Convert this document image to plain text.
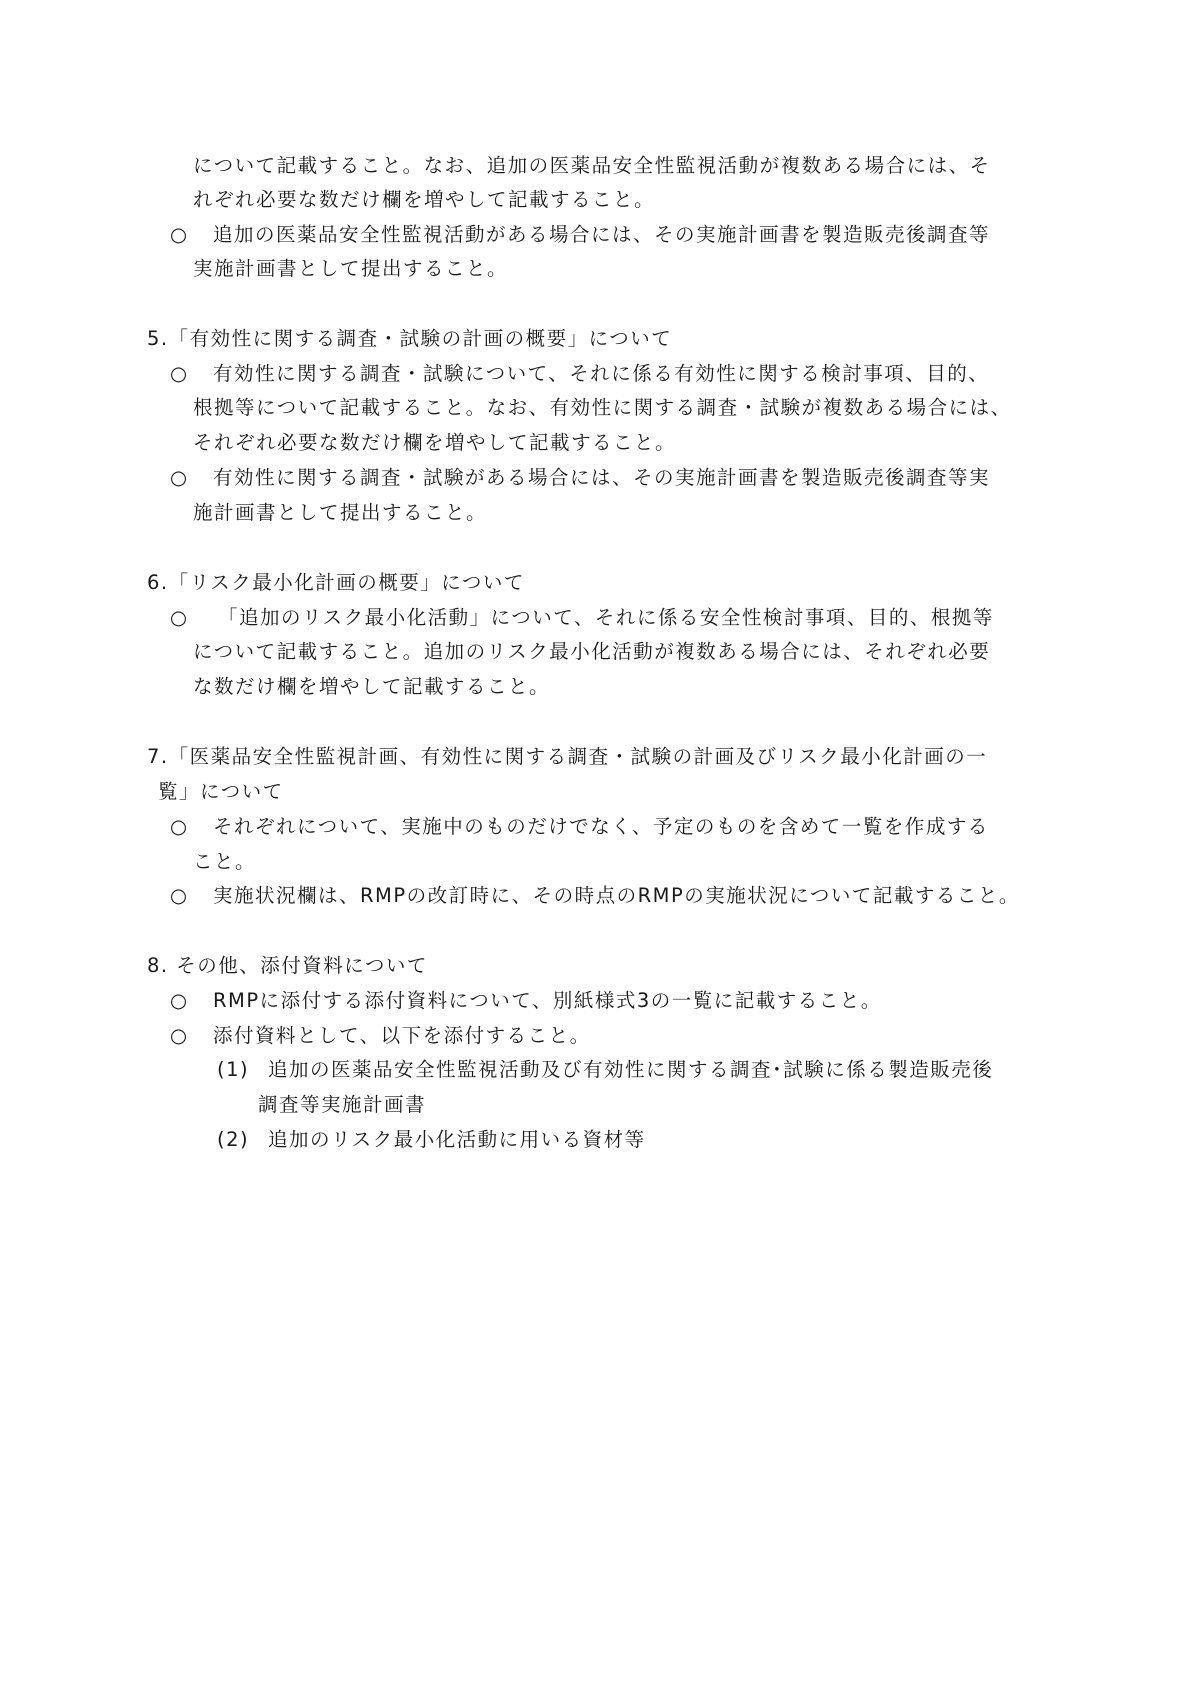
について記載すること。なお、追加の医薬品安全性監視活動が複数ある場合には、そ
れぞれ必要な数だけ欄を増やして記載すること。
○ 追加の医薬品安全性監視活動がある場合には、その実施計画書を製造販売後調査等
実施計画書として提出すること。
5.「有効性に関する調査・試験の計画の概要」について
○ 有効性に関する調査・試験について、それに係る有効性に関する検討事項、目的、
根拠等について記載すること。なお、有効性に関する調査・試験が複数ある場合には、
それぞれ必要な数だけ欄を増やして記載すること。
○ 有効性に関する調査・試験がある場合には、その実施計画書を製造販売後調査等実
施計画書として提出すること。
6.「リスク最小化計画の概要」について
○ 「追加のリスク最小化活動」について、それに係る安全性検討事項、目的、根拠等
について記載すること。追加のリスク最小化活動が複数ある場合には、それぞれ必要
な数だけ欄を増やして記載すること。
7.「医薬品安全性監視計画、有効性に関する調査・試験の計画及びリスク最小化計画の一
覧」について
○ それぞれについて、実施中のものだけでなく、予定のものを含めて一覧を作成する
こと。
○ 実施状況欄は、RMPの改訂時に、その時点のRMPの実施状況について記載すること。
8. その他、添付資料について
○ RMPに添付する添付資料について、別紙様式3の一覧に記載すること。
○ 添付資料として、以下を添付すること。
(1) 追加の医薬品安全性監視活動及び有効性に関する調査･試験に係る製造販売後
調査等実施計画書
(2) 追加のリスク最小化活動に用いる資材等
